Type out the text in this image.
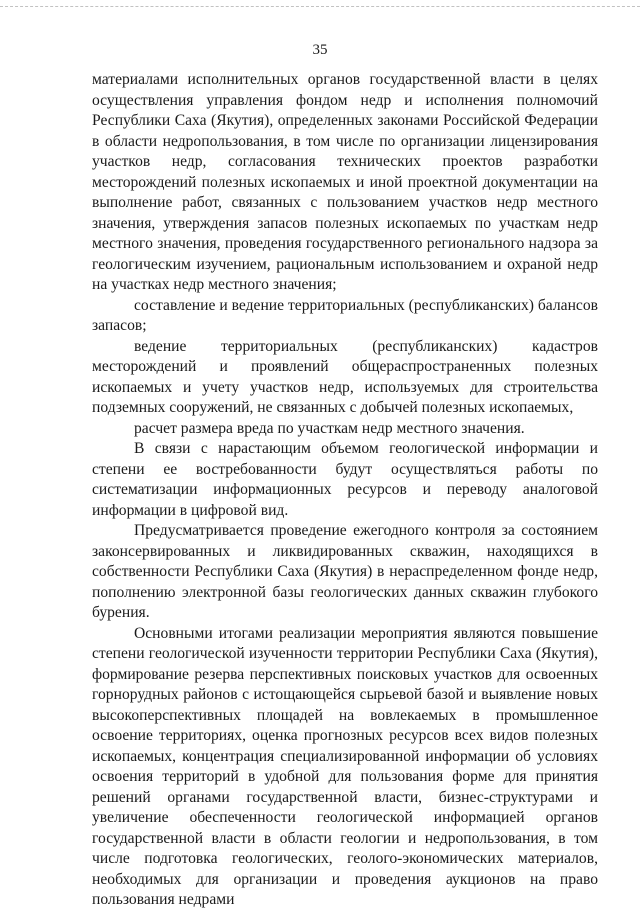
35

материалами исполнительных органов государственной власти в целях осуществления управления фондом недр и исполнения полномочий Республики Саха (Якутия), определенных законами Российской Федерации в области недропользования, в том числе по организации лицензирования участков недр, согласования технических проектов разработки месторождений полезных ископаемых и иной проектной документации на выполнение работ, связанных с пользованием участков недр местного значения, утверждения запасов полезных ископаемых по участкам недр местного значения, проведения государственного регионального надзора за геологическим изучением, рациональным использованием и охраной недр на участках недр местного значения;

составление и ведение территориальных (республиканских) балансов запасов;

ведение территориальных (республиканских) кадастров месторождений и проявлений общераспространенных полезных ископаемых и учету участков недр, используемых для строительства подземных сооружений, не связанных с добычей полезных ископаемых,

расчет размера вреда по участкам недр местного значения.

В связи с нарастающим объемом геологической информации и степени ее востребованности будут осуществляться работы по систематизации информационных ресурсов и переводу аналоговой информации в цифровой вид.

Предусматривается проведение ежегодного контроля за состоянием законсервированных и ликвидированных скважин, находящихся в собственности Республики Саха (Якутия) в нераспределенном фонде недр, пополнению электронной базы геологических данных скважин глубокого бурения.

Основными итогами реализации мероприятия являются повышение степени геологической изученности территории Республики Саха (Якутия), формирование резерва перспективных поисковых участков для освоенных горнорудных районов с истощающейся сырьевой базой и выявление новых высокоперспективных площадей на вовлекаемых в промышленное освоение территориях, оценка прогнозных ресурсов всех видов полезных ископаемых, концентрация специализированной информации об условиях освоения территорий в удобной для пользования форме для принятия решений органами государственной власти, бизнес-структурами и увеличение обеспеченности геологической информацией органов государственной власти в области геологии и недропользования, в том числе подготовка геологических, геолого-экономических материалов, необходимых для организации и проведения аукционов на право пользования недрами
